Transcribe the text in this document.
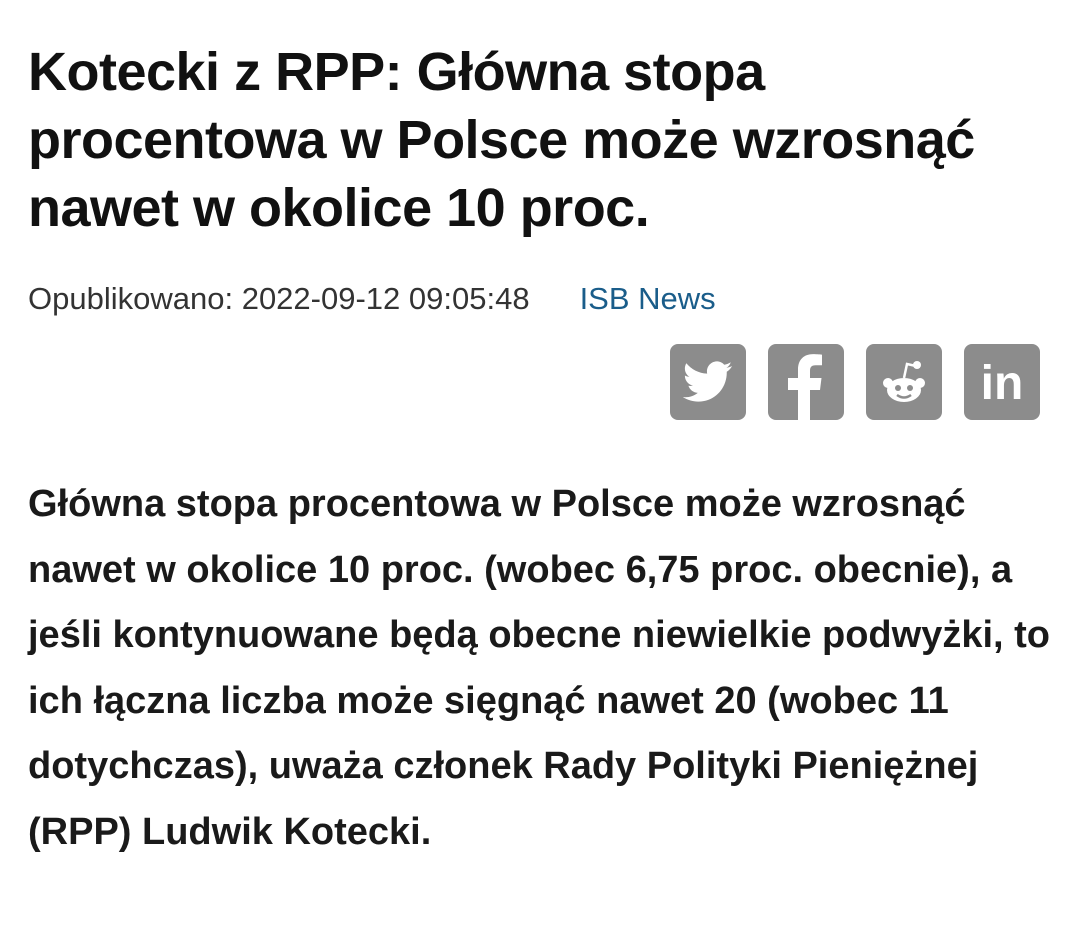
Kotecki z RPP: Główna stopa procentowa w Polsce może wzrosnąć nawet w okolice 10 proc.
Opublikowano: 2022-09-12 09:05:48 ISB News
in

Główna stopa procentowa w Polsce może wzrosnąć nawet w okolice 10 proc. (wobec 6,75 proc. obecnie), a jeśli kontynuowane będą obecne niewielkie podwyżki, to ich łączna liczba może sięgnąć nawet 20 (wobec 11 dotychczas), uważa członek Rady Polityki Pieniężnej (RPP) Ludwik Kotecki.
